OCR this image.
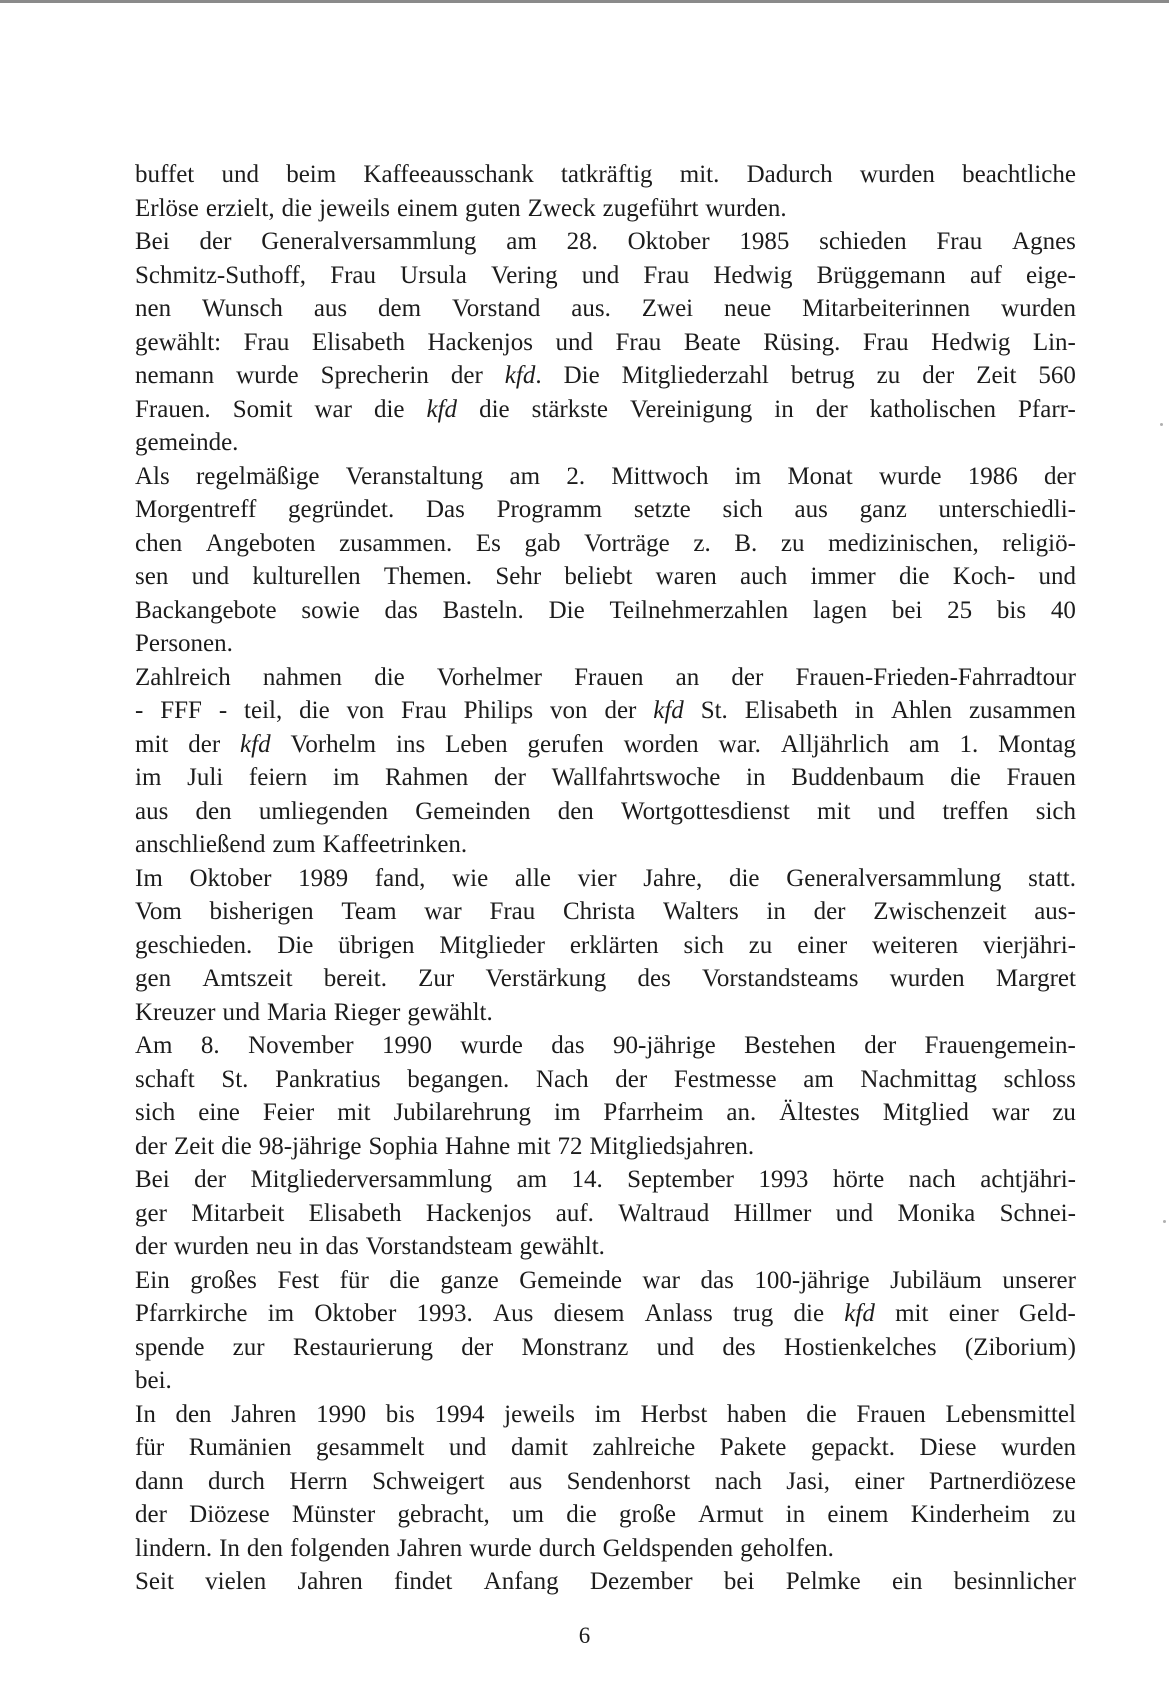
buffet und beim Kaffeeausschank tatkräftig mit. Dadurch wurden beachtliche
Erlöse erzielt, die jeweils einem guten Zweck zugeführt wurden.
Bei der Generalversammlung am 28. Oktober 1985 schieden Frau Agnes
Schmitz-Suthoff, Frau Ursula Vering und Frau Hedwig Brüggemann auf eige-
nen Wunsch aus dem Vorstand aus. Zwei neue Mitarbeiterinnen wurden
gewählt: Frau Elisabeth Hackenjos und Frau Beate Rüsing. Frau Hedwig Lin-
nemann wurde Sprecherin der kfd. Die Mitgliederzahl betrug zu der Zeit 560
Frauen. Somit war die kfd die stärkste Vereinigung in der katholischen Pfarr-
gemeinde.
Als regelmäßige Veranstaltung am 2. Mittwoch im Monat wurde 1986 der
Morgentreff gegründet. Das Programm setzte sich aus ganz unterschiedli-
chen Angeboten zusammen. Es gab Vorträge z. B. zu medizinischen, religiö-
sen und kulturellen Themen. Sehr beliebt waren auch immer die Koch- und
Backangebote sowie das Basteln. Die Teilnehmerzahlen lagen bei 25 bis 40
Personen.
Zahlreich nahmen die Vorhelmer Frauen an der Frauen-Frieden-Fahrradtour
- FFF - teil, die von Frau Philips von der kfd St. Elisabeth in Ahlen zusammen
mit der kfd Vorhelm ins Leben gerufen worden war. Alljährlich am 1. Montag
im Juli feiern im Rahmen der Wallfahrtswoche in Buddenbaum die Frauen
aus den umliegenden Gemeinden den Wortgottesdienst mit und treffen sich
anschließend zum Kaffeetrinken.
Im Oktober 1989 fand, wie alle vier Jahre, die Generalversammlung statt.
Vom bisherigen Team war Frau Christa Walters in der Zwischenzeit aus-
geschieden. Die übrigen Mitglieder erklärten sich zu einer weiteren vierjähri-
gen Amtszeit bereit. Zur Verstärkung des Vorstandsteams wurden Margret
Kreuzer und Maria Rieger gewählt.
Am 8. November 1990 wurde das 90-jährige Bestehen der Frauengemein-
schaft St. Pankratius begangen. Nach der Festmesse am Nachmittag schloss
sich eine Feier mit Jubilarehrung im Pfarrheim an. Ältestes Mitglied war zu
der Zeit die 98-jährige Sophia Hahne mit 72 Mitgliedsjahren.
Bei der Mitgliederversammlung am 14. September 1993 hörte nach achtjähri-
ger Mitarbeit Elisabeth Hackenjos auf. Waltraud Hillmer und Monika Schnei-
der wurden neu in das Vorstandsteam gewählt.
Ein großes Fest für die ganze Gemeinde war das 100-jährige Jubiläum unserer
Pfarrkirche im Oktober 1993. Aus diesem Anlass trug die kfd mit einer Geld-
spende zur Restaurierung der Monstranz und des Hostienkelches (Ziborium)
bei.
In den Jahren 1990 bis 1994 jeweils im Herbst haben die Frauen Lebensmittel
für Rumänien gesammelt und damit zahlreiche Pakete gepackt. Diese wurden
dann durch Herrn Schweigert aus Sendenhorst nach Jasi, einer Partnerdiözese
der Diözese Münster gebracht, um die große Armut in einem Kinderheim zu
lindern. In den folgenden Jahren wurde durch Geldspenden geholfen.
Seit vielen Jahren findet Anfang Dezember bei Pelmke ein besinnlicher
6
